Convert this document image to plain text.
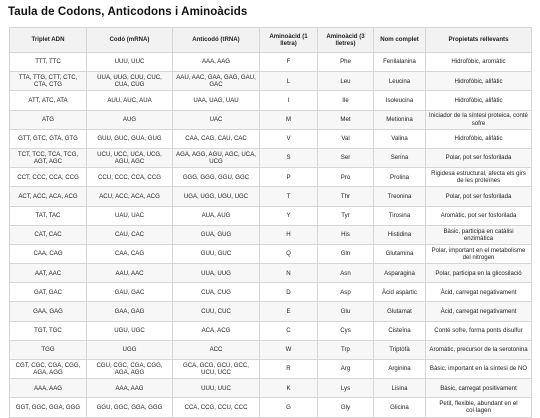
Taula de Codons, Anticodons i Aminoàcids
Triplet ADN	Codó (mRNA)	Anticodó (tRNA)	Aminoàcid (1 lletra)	Aminoàcid (3 lletres)	Nom complet	Propietats rellevants
TTT, TTC	UUU, UUC	AAA, AAG	F	Phe	Fenilalanina	Hidrofòbic, aromàtic
TTA, TTG, CTT, CTC, CTA, CTG	UUA, UUG, CUU, CUC, CUA, CUG	AAU, AAC, GAA, GAG, GAU, GAC	L	Leu	Leucina	Hidrofòbic, alifàtic
ATT, ATC, ATA	AUU, AUC, AUA	UAA, UAG, UAU	I	Ile	Isoleucina	Hidrofòbic, alifàtic
ATG	AUG	UAC	M	Met	Metionina	Iniciador de la síntesi proteica, conté sofre
GTT, GTC, GTA, GTG	GUU, GUC, GUA, GUG	CAA, CAG, CAU, CAC	V	Val	Valina	Hidrofòbic, alifàtic
TCT, TCC, TCA, TCG, AGT, AGC	UCU, UCC, UCA, UCG, AGU, AGC	AGA, AGG, AGU, AGC, UCA, UCG	S	Ser	Serina	Polar, pot ser fosforilada
CCT, CCC, CCA, CCG	CCU, CCC, CCA, CCG	GGG, GGG, GGU, GGC	P	Pro	Prolina	Rigidesa estructural, afecta els girs de les proteïnes
ACT, ACC, ACA, ACG	ACU, ACC, ACA, ACG	UGA, UGG, UGU, UGC	T	Thr	Treonina	Polar, pot ser fosforilada
TAT, TAC	UAU, UAC	AUA, AUG	Y	Tyr	Tirosina	Aromàtic, pot ser fosforilada
CAT, CAC	CAU, CAC	GUA, GUG	H	His	Histidina	Bàsic, participa en catàlisi enzimàtica
CAA, CAG	CAA, CAG	GUU, GUC	Q	Gln	Glutamina	Polar, important en el metabolisme del nitrogen
AAT, AAC	AAU, AAC	UUA, UUG	N	Asn	Asparagina	Polar, participa en la glicosilació
GAT, GAC	GAU, GAC	CUA, CUG	D	Asp	Àcid aspàrtic	Àcid, carregat negativament
GAA, GAG	GAA, GAG	CUU, CUC	E	Glu	Glutamat	Àcid, carregat negativament
TGT, TGC	UGU, UGC	ACA, ACG	C	Cys	Cisteïna	Conté sofre, forma ponts disulfur
TGG	UGG	ACC	W	Trp	Triptòfà	Aromàtic, precursor de la serotonina
CGT, CGC, CGA, CGG, AGA, AGG	CGU, CGC, CGA, CGG, AGA, AGG	GCA, GCG, GCU, GCC, UCU, UCC	R	Arg	Arginina	Bàsic, important en la síntesi de NO
AAA, AAG	AAA, AAG	UUU, UUC	K	Lys	Lisina	Bàsic, carregat positivament
GGT, GGC, GGA, GGG	GGU, GGC, GGA, GGG	CCA, CCG, CCU, CCC	G	Gly	Glicina	Petit, flexible, abundant en el col·lagen
